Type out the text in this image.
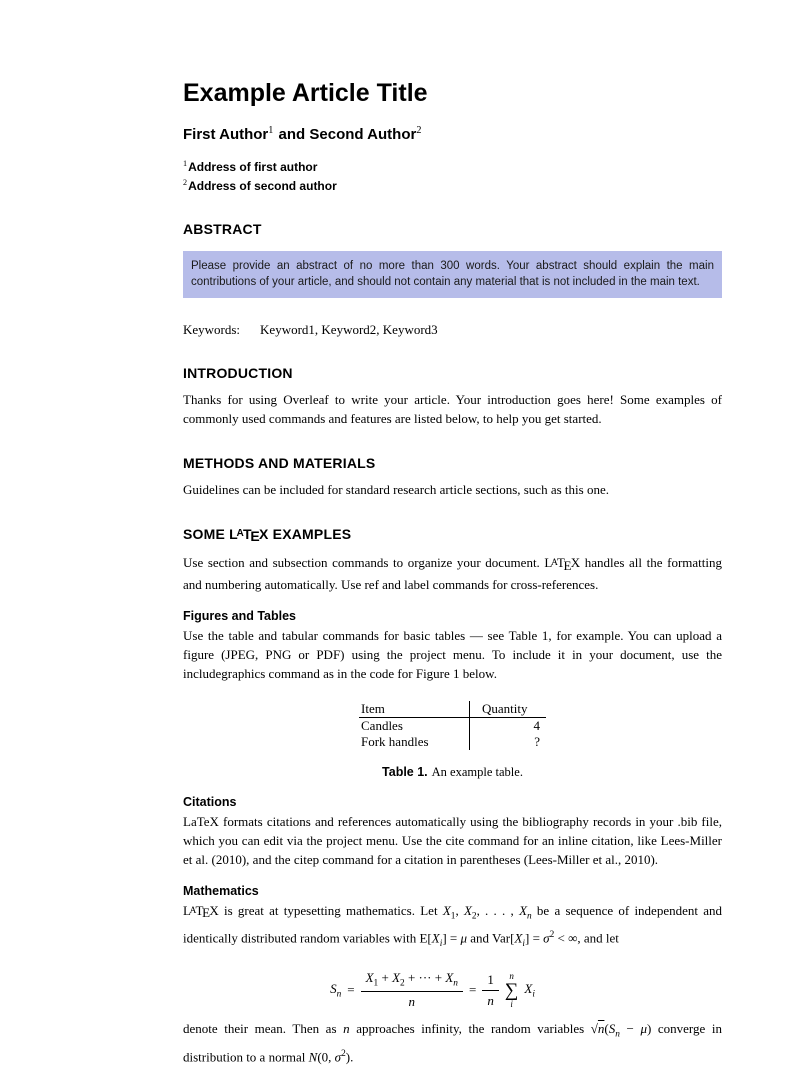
Example Article Title
First Author$^1$ and Second Author$^2$
$^1$Address of first author
$^2$Address of second author
ABSTRACT

Please provide an abstract of no more than 300 words. Your abstract should explain the main contributions of your article, and should not contain any material that is not included in the main text.

Keywords: Keyword1, Keyword2, Keyword3
INTRODUCTION

Thanks for using Overleaf to write your article. Your introduction goes here! Some examples of commonly used commands and features are listed below, to help you get started.

METHODS AND MATERIALS

Guidelines can be included for standard research article sections, such as this one.

SOME LATEX EXAMPLES

Use section and subsection commands to organize your document. LATEX handles all the formatting and numbering automatically. Use ref and label commands for cross-references.

Figures and Tables

Use the table and tabular commands for basic tables — see Table 1, for example. You can upload a figure (JPEG, PNG or PDF) using the project menu. To include it in your document, use the includegraphics command as in the code for Figure 1 below.

Item	Quantity
Candles	4
Fork handles	?
Table 1. An example table.
Citations

LaTeX formats citations and references automatically using the bibliography records in your .bib file, which you can edit via the project menu. Use the cite command for an inline citation, like Lees-Miller et al. (2010), and the citep command for a citation in parentheses (Lees-Miller et al., 2010).

Mathematics

LATEX is great at typesetting mathematics. Let $X_1$, $X_2$, . . . , $X_n$ be a sequence of independent and identically distributed random variables with $E[X_i] = \mu$ and $Var[X_i] = \sigma^2$ < ∞, and let

$S_n = \frac{X_1 + X_2 + \cdot\cdot\cdot + X_n}{n} = \frac{1}{n}$ n
∑
i
$X_i$

denote their mean. Then as n approaches infinity, the random variables $√n(S_n - \mu)$ converge in distribution to a normal N(0, $\sigma^2$).
